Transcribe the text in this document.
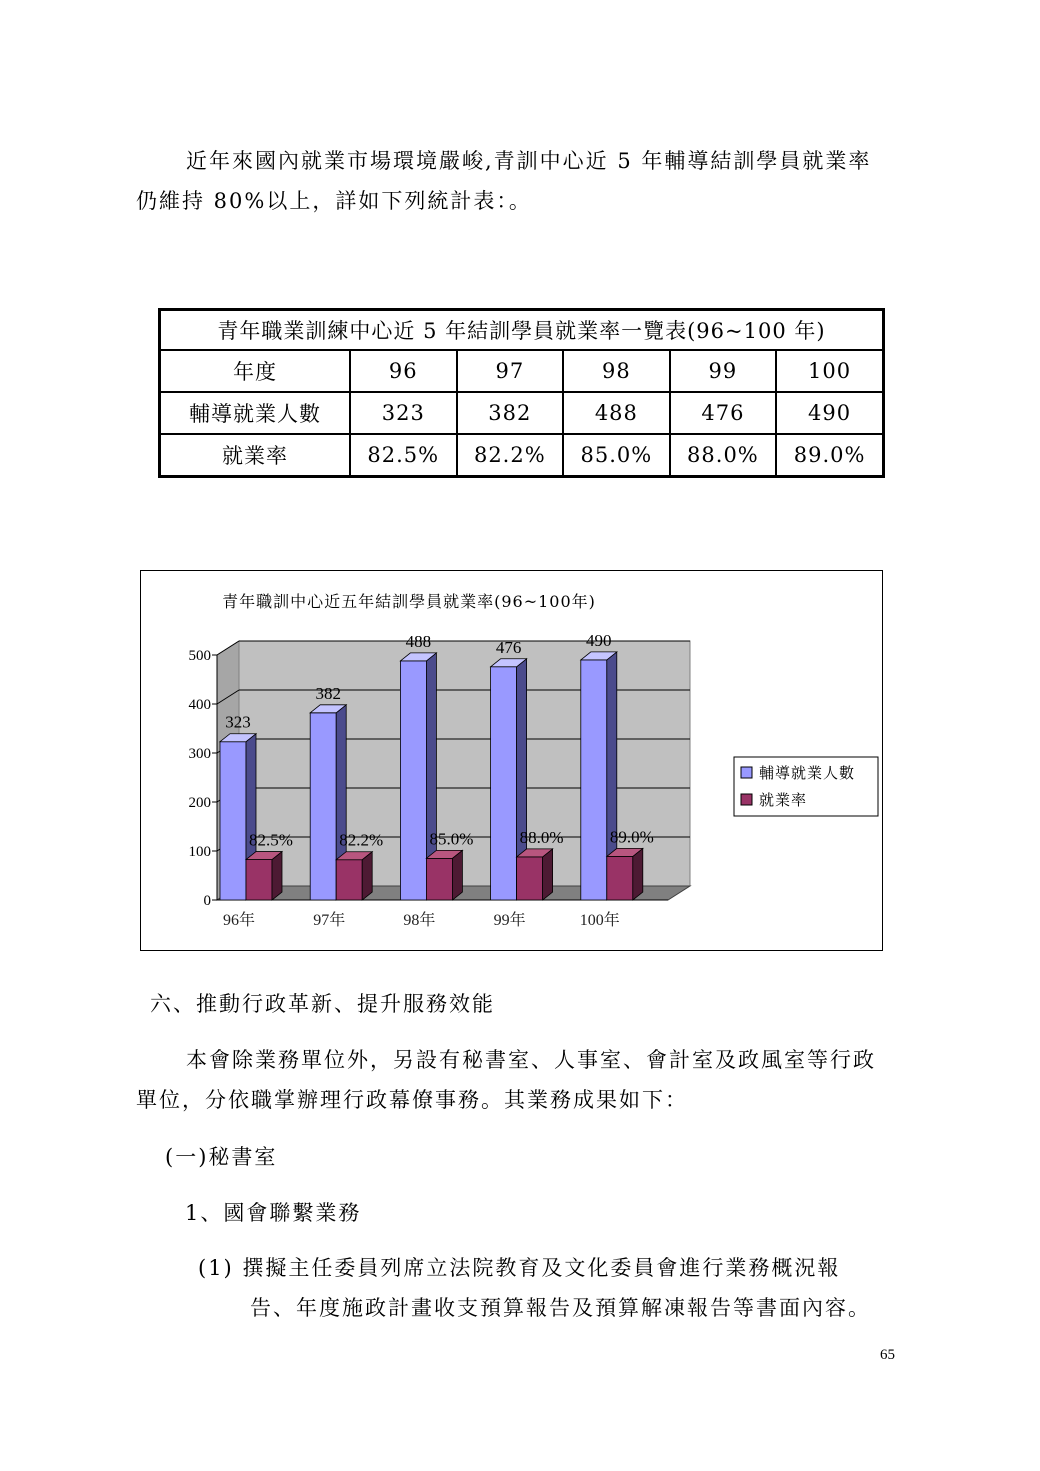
近年來國內就業市場環境嚴峻,青訓中心近 5 年輔導結訓學員就業率
仍維持 80%以上，詳如下列統計表：。
青年職業訓練中心近 5 年結訓學員就業率一覽表(96~100 年)					
年度	96	97	98	99	100
輔導就業人數	323	382	488	476	490
就業率	82.5%	82.2%	85.0%	88.0%	89.0%
0
100
200
300
400
500
323
82.5%
96年
382
82.2%
97年
488
85.0%
98年
476
88.0%
99年
490
89.0%
100年
青年職訓中心近五年結訓學員就業率(96~100年)
輔導就業人數
就業率
六、推動行政革新、提升服務效能
本會除業務單位外，另設有秘書室、人事室、會計室及政風室等行政
單位，分依職掌辦理行政幕僚事務。其業務成果如下：
(一)秘書室
1、國會聯繫業務
(1) 撰擬主任委員列席立法院教育及文化委員會進行業務概況報
告、年度施政計畫收支預算報告及預算解凍報告等書面內容。
65
